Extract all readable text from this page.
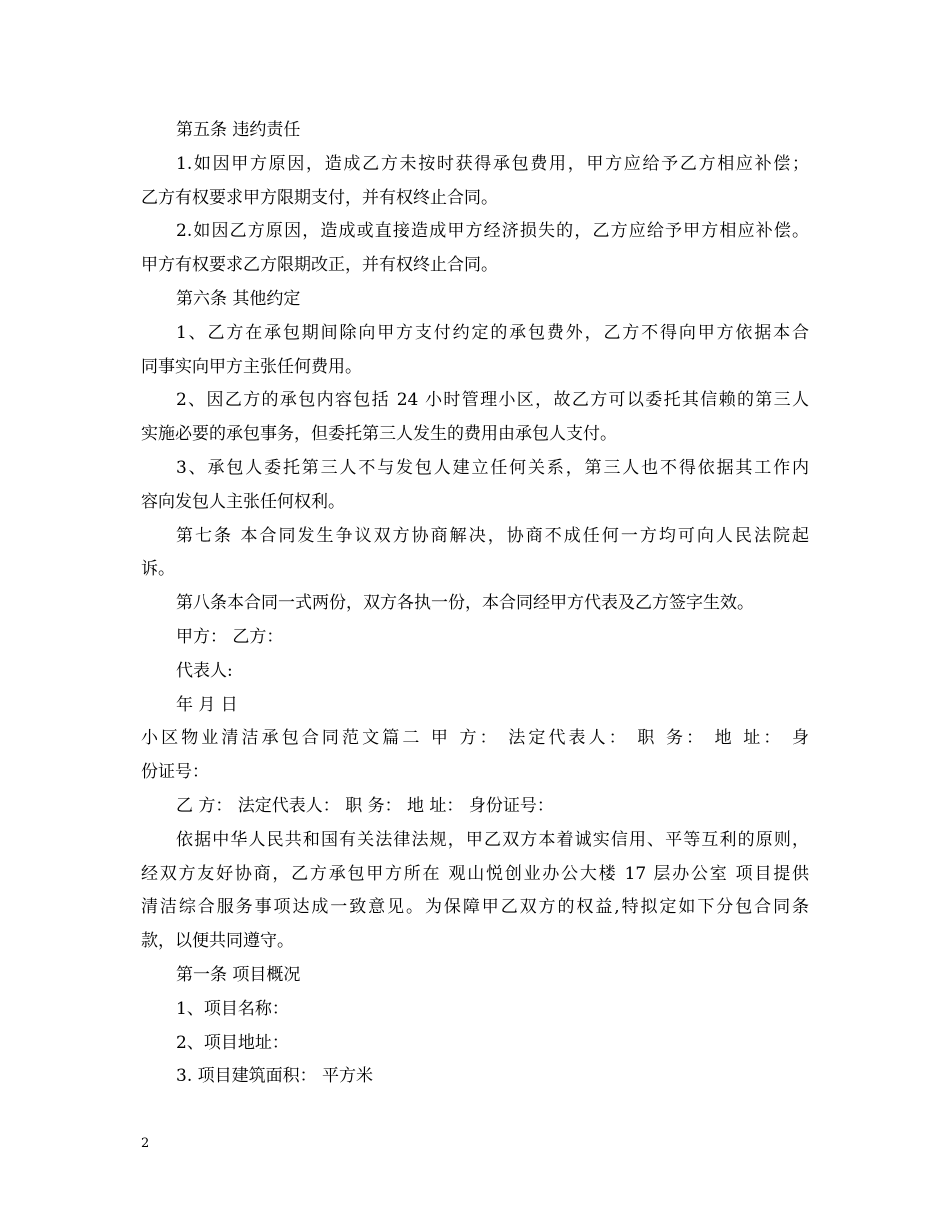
第五条 违约责任
1.如因甲方原因，造成乙方未按时获得承包费用，甲方应给予乙方相应补偿；
乙方有权要求甲方限期支付，并有权终止合同。
2.如因乙方原因，造成或直接造成甲方经济损失的，乙方应给予甲方相应补偿。
甲方有权要求乙方限期改正，并有权终止合同。
第六条 其他约定
1、乙方在承包期间除向甲方支付约定的承包费外，乙方不得向甲方依据本合
同事实向甲方主张任何费用。
2、因乙方的承包内容包括 24 小时管理小区，故乙方可以委托其信赖的第三人
实施必要的承包事务，但委托第三人发生的费用由承包人支付。
3、承包人委托第三人不与发包人建立任何关系，第三人也不得依据其工作内
容向发包人主张任何权利。
第七条 本合同发生争议双方协商解决，协商不成任何一方均可向人民法院起
诉。
第八条本合同一式两份，双方各执一份，本合同经甲方代表及乙方签字生效。
甲方： 乙方：
代表人:
年 月 日
小区物业清洁承包合同范文篇二 甲 方： 法定代表人： 职 务： 地 址： 身
份证号：
乙 方： 法定代表人： 职 务： 地 址： 身份证号：
依据中华人民共和国有关法律法规，甲乙双方本着诚实信用、平等互利的原则，
经双方友好协商，乙方承包甲方所在 观山悦创业办公大楼 17 层办公室 项目提供
清洁综合服务事项达成一致意见。为保障甲乙双方的权益,特拟定如下分包合同条
款，以便共同遵守。
第一条 项目概况
1、项目名称：
2、项目地址：
3. 项目建筑面积： 平方米
2
